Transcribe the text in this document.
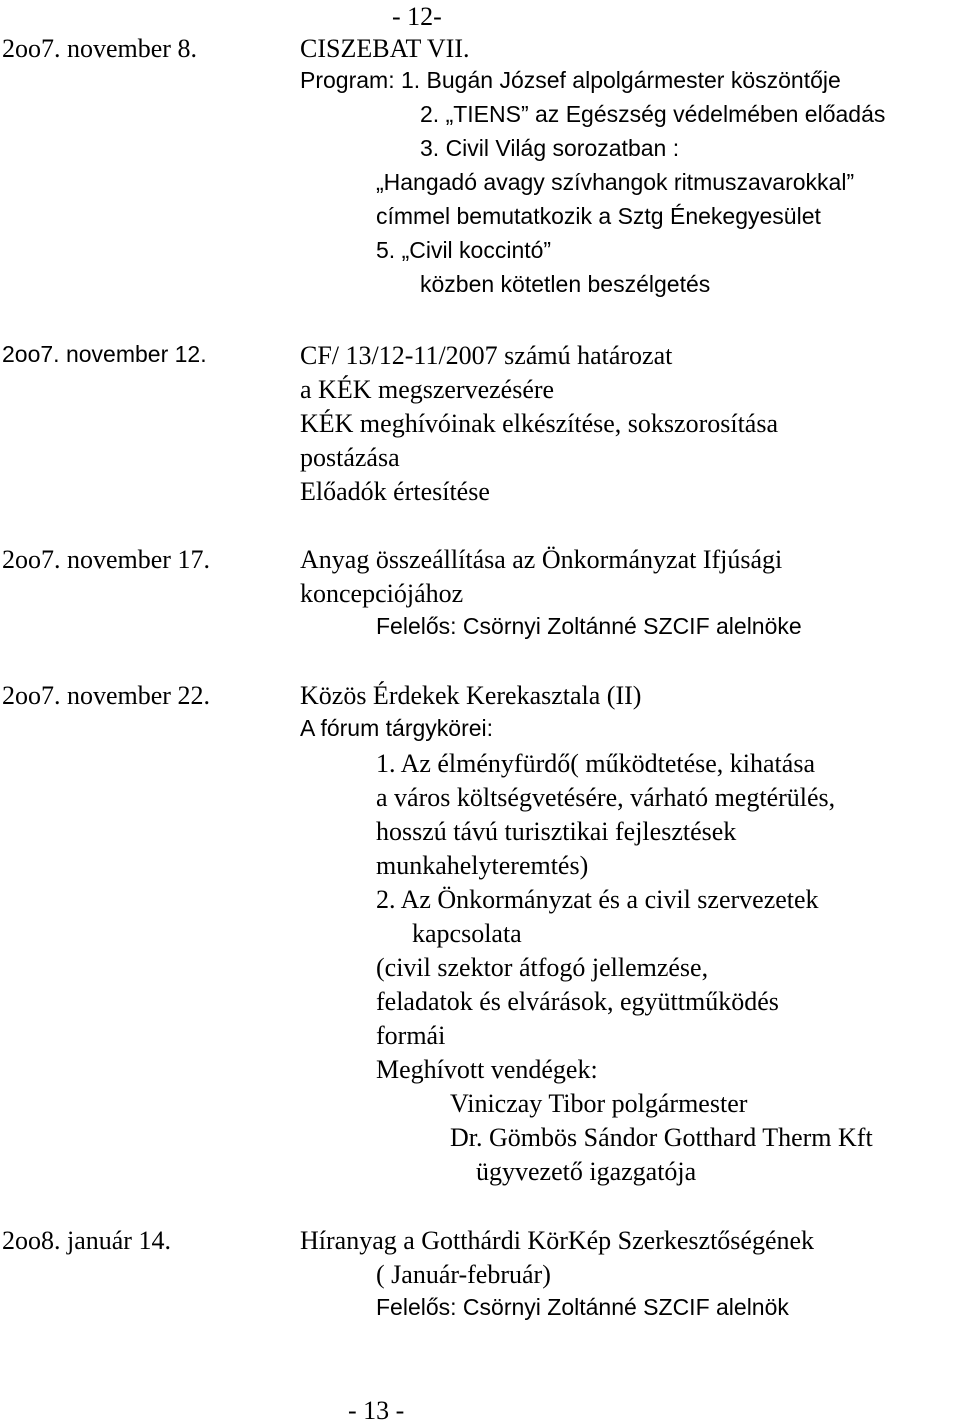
- 12-
2oo7. november 8.	CISZEBAT VII.
Program: 1. Bugán József alpolgármester köszöntője
2. „TIENS” az Egészség védelmében előadás
3. Civil Világ sorozatban :
„Hangadó avagy szívhangok ritmuszavarokkal”
címmel bemutatkozik a Sztg Énekegyesület
5. „Civil koccintó”
közben kötetlen beszélgetés
2oo7. november 12.	CF/ 13/12-11/2007 számú határozat
a KÉK megszervezésére
KÉK meghívóinak elkészítése, sokszorosítása
postázása
Előadók értesítése
2oo7. november 17.	Anyag összeállítása az Önkormányzat Ifjúsági
koncepciójához
Felelős: Csörnyi Zoltánné SZCIF alelnöke
2oo7. november 22.	Közös Érdekek Kerekasztala (II)
A fórum tárgykörei:
1. Az élményfürdő( működtetése, kihatása
a város költségvetésére, várható megtérülés,
hosszú távú turisztikai fejlesztések
munkahelyteremtés)
2. Az Önkormányzat és a civil szervezetek
kapcsolata
(civil szektor átfogó jellemzése,
feladatok és elvárások, együttműködés
formái
Meghívott vendégek:
Viniczay Tibor polgármester
Dr. Gömbös Sándor Gotthard Therm Kft
ügyvezető igazgatója
2oo8. január 14.	Híranyag a Gotthárdi KörKép Szerkesztőségének
( Január-február)
Felelős: Csörnyi Zoltánné SZCIF alelnök
- 13 -
